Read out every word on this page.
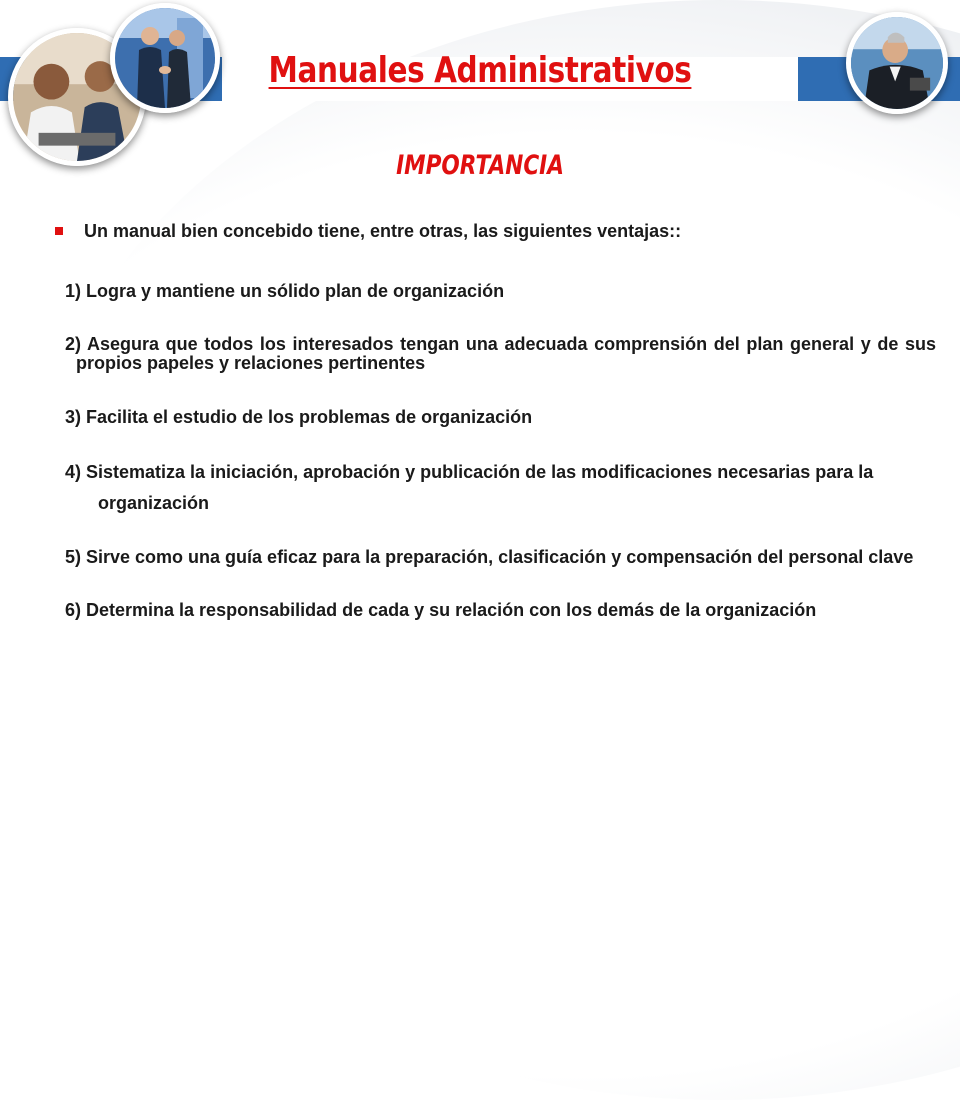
Manuales Administrativos
IMPORTANCIA

Un manual bien concebido tiene, entre otras, las siguientes ventajas::

1) Logra y mantiene un sólido plan de organización

2) Asegura que todos los interesados tengan una adecuada comprensión del plan general y de sus propios papeles y relaciones pertinentes

3) Facilita el estudio de los problemas de organización

4) Sistematiza la iniciación, aprobación y publicación de las modificaciones necesarias para la

organización

5) Sirve como una guía eficaz para la preparación, clasificación y compensación del personal clave

6) Determina la responsabilidad de cada y su relación con los demás de la organización
